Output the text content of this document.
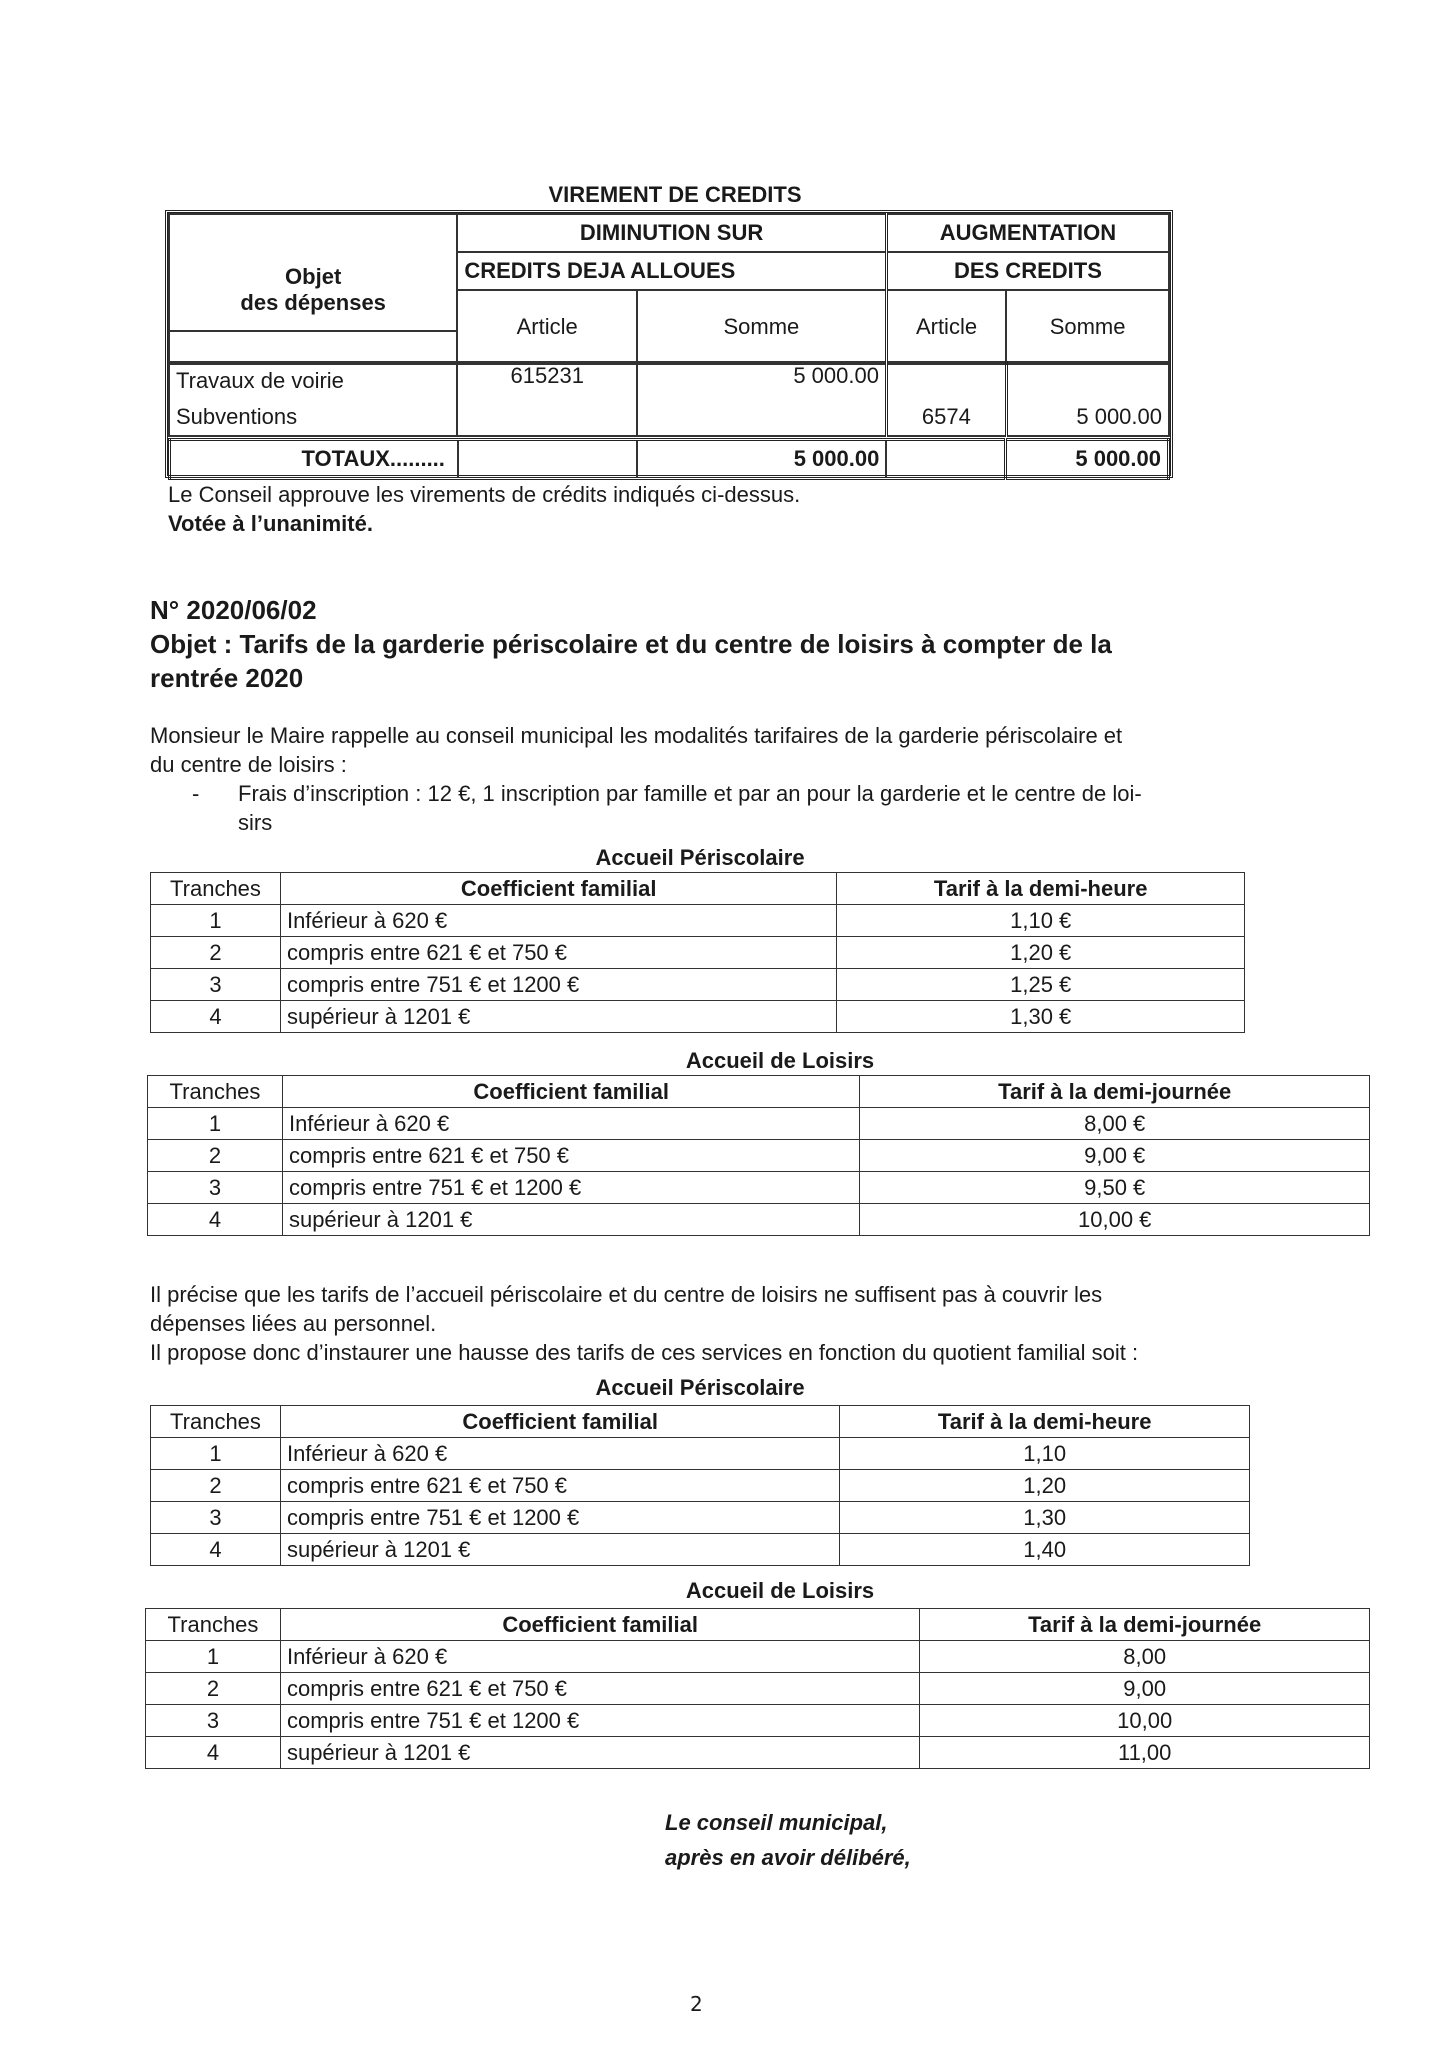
VIREMENT DE CREDITS
Objet	DIMINUTION SUR		AUGMENTATION	
	CREDITS DEJA ALLOUES		DES CREDITS	
des dépenses	Article	Somme	Article	Somme

Travaux de voirie	615231	5 000.00		
Subventions			6574	5 000.00
TOTAUX.........		5 000.00		5 000.00
Le Conseil approuve les virements de crédits indiqués ci-dessus.
Votée à l’unanimité.
N° 2020/06/02
Objet : Tarifs de la garderie périscolaire et du centre de loisirs à compter de la
rentrée 2020
Monsieur le Maire rappelle au conseil municipal les modalités tarifaires de la garderie périscolaire et
du centre de loisirs :
- Frais d’inscription : 12 €, 1 inscription par famille et par an pour la garderie et le centre de loi-
sirs
Accueil Périscolaire
Tranches	Coefficient familial	Tarif à la demi-heure
1	Inférieur à 620 €	1,10 €
2	compris entre 621 € et 750 €	1,20 €
3	compris entre 751 € et 1200 €	1,25 €
4	supérieur à 1201 €	1,30 €
Accueil de Loisirs
Tranches	Coefficient familial	Tarif à la demi-journée
1	Inférieur à 620 €	8,00 €
2	compris entre 621 € et 750 €	9,00 €
3	compris entre 751 € et 1200 €	9,50 €
4	supérieur à 1201 €	10,00 €
Il précise que les tarifs de l’accueil périscolaire et du centre de loisirs ne suffisent pas à couvrir les
dépenses liées au personnel.
Il propose donc d’instaurer une hausse des tarifs de ces services en fonction du quotient familial soit :
Accueil Périscolaire
Tranches	Coefficient familial	Tarif à la demi-heure
1	Inférieur à 620 €	1,10
2	compris entre 621 € et 750 €	1,20
3	compris entre 751 € et 1200 €	1,30
4	supérieur à 1201 €	1,40
Accueil de Loisirs
Tranches	Coefficient familial	Tarif à la demi-journée
1	Inférieur à 620 €	8,00
2	compris entre 621 € et 750 €	9,00
3	compris entre 751 € et 1200 €	10,00
4	supérieur à 1201 €	11,00
Le conseil municipal,
après en avoir délibéré,
2
